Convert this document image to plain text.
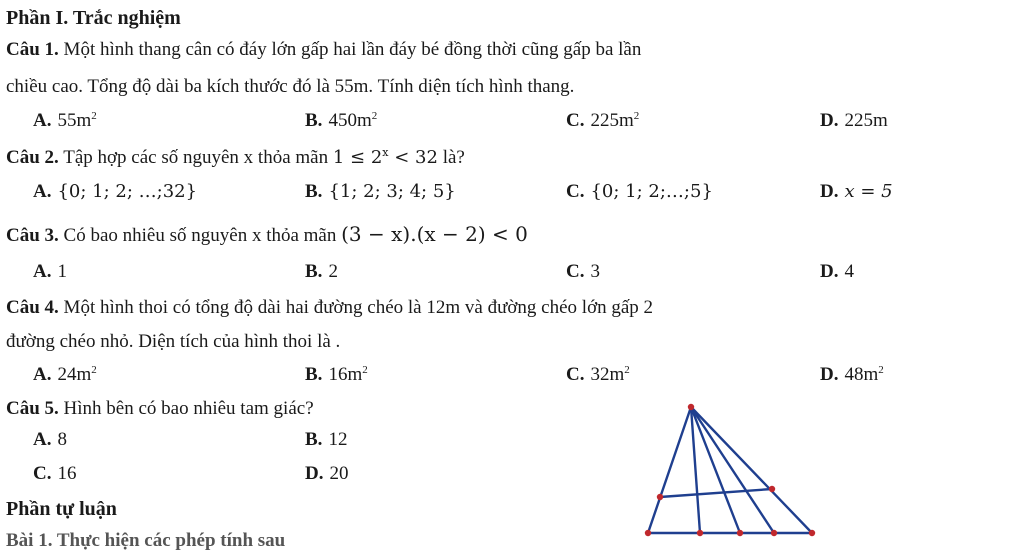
Phần I. Trắc nghiệm
Câu 1. Một hình thang cân có đáy lớn gấp hai lần đáy bé đồng thời cũng gấp ba lần
chiều cao. Tổng độ dài ba kích thước đó là 55m. Tính diện tích hình thang.
A. $55m^2$	B. $450m^2$	C. $225m^2$	D. 225m
Câu 2. Tập hợp các số nguyên x thỏa mãn $1 \le 2^x < 32$ là?
A. {0; 1; 2; …;32}	B. {1; 2; 3; 4; 5}	C. {0; 1; 2;…;5}	D. x = 5
Câu 3. Có bao nhiêu số nguyên x thỏa mãn (3 − x).(x − 2) < 0
A. 1	B. 2	C. 3	D. 4
Câu 4. Một hình thoi có tổng độ dài hai đường chéo là 12m và đường chéo lớn gấp 2
đường chéo nhỏ. Diện tích của hình thoi là .
A. $24m^2$	B. $16m^2$	C. $32m^2$	D. $48m^2$
Câu 5. Hình bên có bao nhiêu tam giác?
A. 8	B. 12
C. 16	D. 20
Phần tự luận
Bài 1. Thực hiện các phép tính sau
